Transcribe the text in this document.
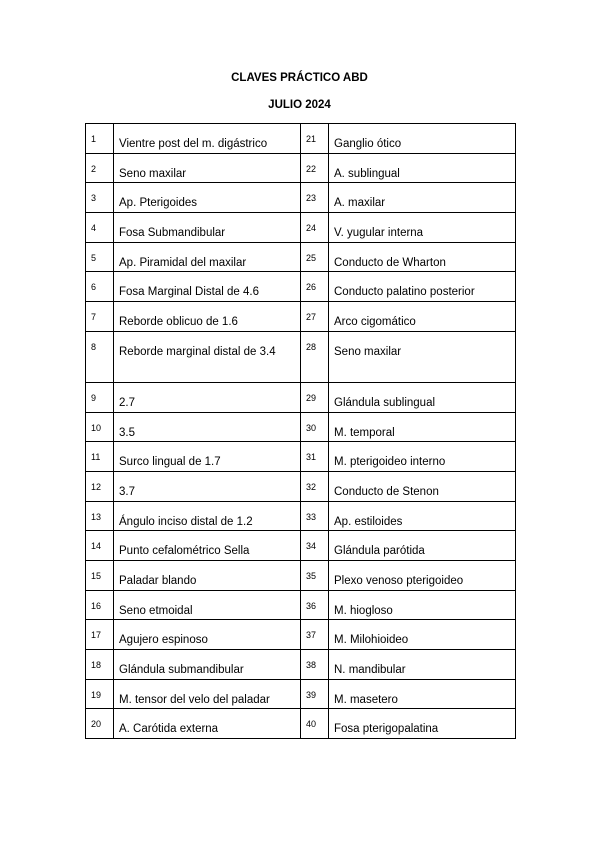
CLAVES PRÁCTICO ABD
JULIO 2024
1	Vientre post del m. digástrico	21	Ganglio ótico
2	Seno maxilar	22	A. sublingual
3	Ap. Pterigoides	23	A. maxilar
4	Fosa Submandibular	24	V. yugular interna
5	Ap. Piramidal del maxilar	25	Conducto de Wharton
6	Fosa Marginal Distal de 4.6	26	Conducto palatino posterior
7	Reborde oblicuo de 1.6	27	Arco cigomático
8	Reborde marginal distal de 3.4	28	Seno maxilar
9	2.7	29	Glándula sublingual
10	3.5	30	M. temporal
11	Surco lingual de 1.7	31	M. pterigoideo interno
12	3.7	32	Conducto de Stenon
13	Ángulo inciso distal de 1.2	33	Ap. estiloides
14	Punto cefalométrico Sella	34	Glándula parótida
15	Paladar blando	35	Plexo venoso pterigoideo
16	Seno etmoidal	36	M. hiogloso
17	Agujero espinoso	37	M. Milohioideo
18	Glándula submandibular	38	N. mandibular
19	M. tensor del velo del paladar	39	M. masetero
20	A. Carótida externa	40	Fosa pterigopalatina
